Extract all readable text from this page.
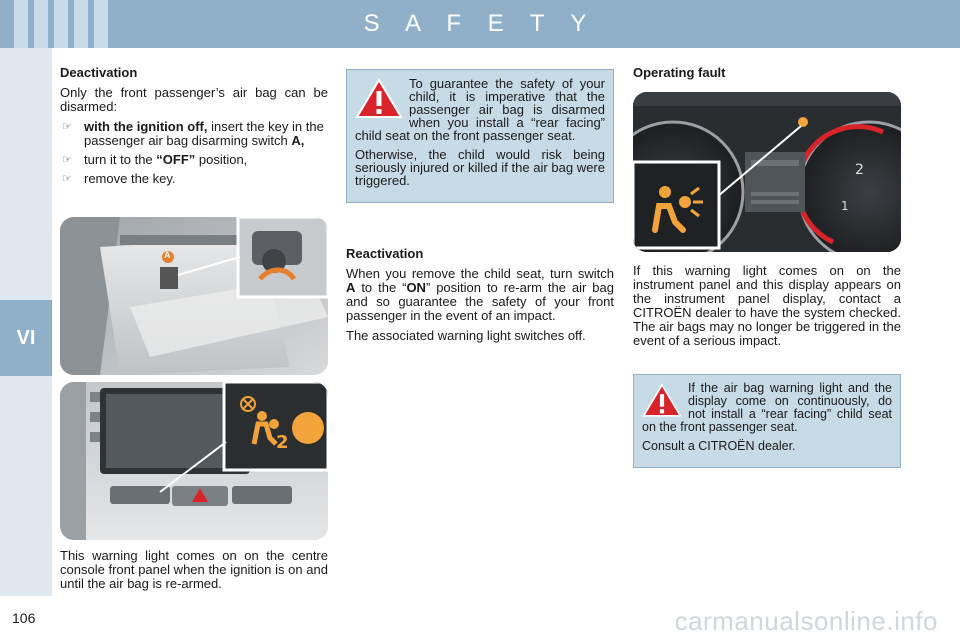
S A F E T Y
VI
Deactivation

Only the front passenger’s air bag can be disarmed:

☞ with the ignition off, insert the key in the passenger air bag disarming switch A,
☞ turn it to the “OFF” position,
☞ remove the key.
A
2

This warning light comes on on the centre console front panel when the ignition is on and until the air bag is re-armed.

To guarantee the safety of your child, it is imperative that the passenger air bag is disarmed when you install a “rear facing” child seat on the front passenger seat.

Otherwise, the child would risk being seriously injured or killed if the air bag were triggered.

Reactivation

When you remove the child seat, turn switch A to the “ON” position to re-arm the air bag and so guarantee the safety of your front passenger in the event of an impact.

The associated warning light switches off.

Operating fault
2
1

If this warning light comes on on the instrument panel and this display appears on the instrument panel display, contact a CITROËN dealer to have the system checked. The air bags may no longer be triggered in the event of a serious impact.

If the air bag warning light and the display come on continuously, do not install a “rear facing” child seat on the front passenger seat.

Consult a CITROËN dealer.

106	carmanualsonline.info
